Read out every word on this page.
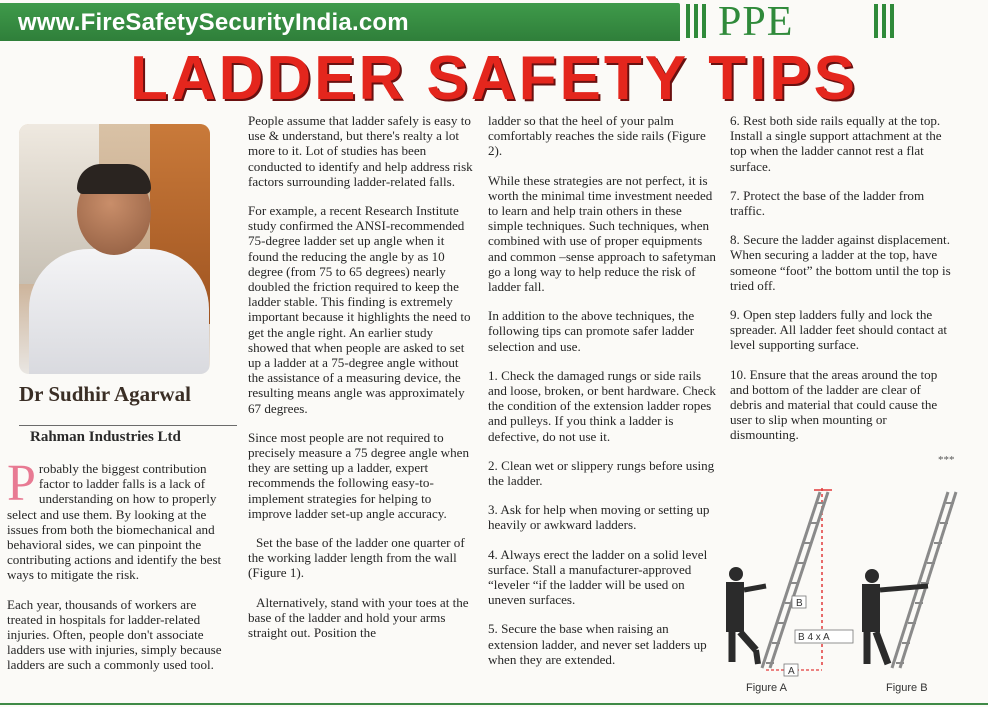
www.FireSafetySecurityIndia.com	PPE
LADDER SAFETY TIPS
Dr Sudhir Agarwal
Rahman Industries Ltd

Probably the biggest contribution factor to ladder falls is a lack of understanding on how to properly select and use them. By looking at the issues from both the biomechanical and behavioral sides, we can pinpoint the contributing actions and identify the best ways to mitigate the risk.

Each year, thousands of workers are treated in hospitals for ladder-related injuries. Often, people don't associate ladders use with injuries, simply because ladders are such a commonly used tool.

People assume that ladder safely is easy to use & understand, but there's realty a lot more to it. Lot of studies has been conducted to identify and help address risk factors surrounding ladder-related falls.

For example, a recent Research Institute study confirmed the ANSI-recommended 75-degree ladder set up angle when it found the reducing the angle by as 10 degree (from 75 to 65 degrees) nearly doubled the friction required to keep the ladder stable. This finding is extremely important because it highlights the need to get the angle right. An earlier study showed that when people are asked to set up a ladder at a 75-degree angle without the assistance of a measuring device, the resulting means angle was approximately 67 degrees.

Since most people are not required to precisely measure a 75 degree angle when they are setting up a ladder, expert recommends the following easy-to-implement strategies for helping to improve ladder set-up angle accuracy.

Set the base of the ladder one quarter of the working ladder length from the wall (Figure 1).

Alternatively, stand with your toes at the base of the ladder and hold your arms straight out. Position the

ladder so that the heel of your palm comfortably reaches the side rails (Figure 2).

While these strategies are not perfect, it is worth the minimal time investment needed to learn and help train others in these simple techniques. Such techniques, when combined with use of proper equipments and common –sense approach to safetyman go a long way to help reduce the risk of ladder fall.

In addition to the above techniques, the following tips can promote safer ladder selection and use.

1. Check the damaged rungs or side rails and loose, broken, or bent hardware. Check the condition of the extension ladder ropes and pulleys. If you think a ladder is defective, do not use it.

2. Clean wet or slippery rungs before using the ladder.

3. Ask for help when moving or setting up heavily or awkward ladders.

4. Always erect the ladder on a solid level surface. Stall a manufacturer-approved “leveler “if the ladder will be used on uneven surfaces.

5. Secure the base when raising an extension ladder, and never set ladders up when they are extended.

6. Rest both side rails equally at the top. Install a single support attachment at the top when the ladder cannot rest a flat surface.

7. Protect the base of the ladder from traffic.

8. Secure the ladder against displacement. When securing a ladder at the top, have someone “foot” the bottom until the top is tried off.

9. Open step ladders fully and lock the spreader. All ladder feet should contact at level supporting surface.

10. Ensure that the areas around the top and bottom of the ladder are clear of debris and material that could cause the user to slip when mounting or dismounting.

***
B
B 4 x A
A
Figure A	Figure B
